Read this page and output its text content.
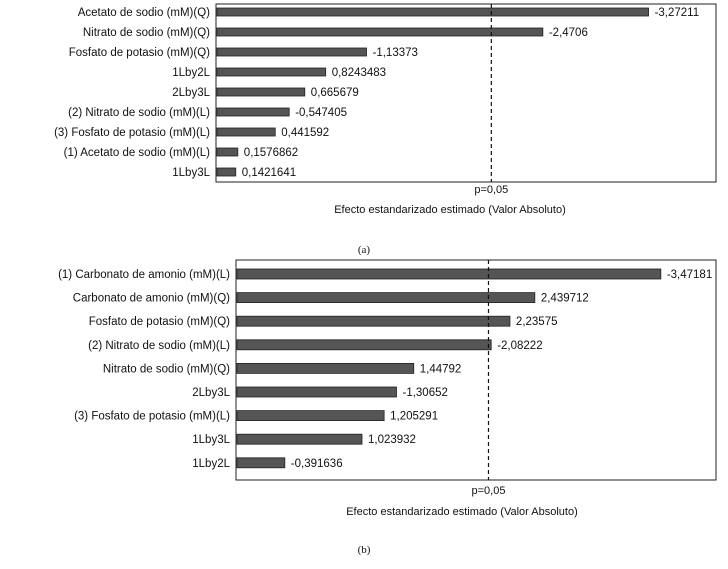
Acetato de sodio (mM)(Q)
Nitrato de sodio (mM)(Q)
Fosfato de potasio (mM)(Q)
1Lby2L
2Lby3L
(2) Nitrato de sodio (mM)(L)
(3) Fosfato de potasio (mM)(L)
(1) Acetato de sodio (mM)(L)
1Lby3L
-3,27211
-2,4706
-1,13373
0,8243483
0,665679
-0,547405
0,441592
0,1576862
0,1421641
p=0,05
Efecto estandarizado estimado (Valor Absoluto)
(a)
(1) Carbonato de amonio (mM)(L)
Carbonato de amonio (mM)(Q)
Fosfato de potasio (mM)(Q)
(2) Nitrato de sodio (mM)(L)
Nitrato de sodio (mM)(Q)
2Lby3L
(3) Fosfato de potasio (mM)(L)
1Lby3L
1Lby2L
-3,47181
2,439712
2,23575
-2,08222
1,44792
-1,30652
1,205291
1,023932
-0,391636
p=0,05
Efecto estandarizado estimado (Valor Absoluto)
(b)
